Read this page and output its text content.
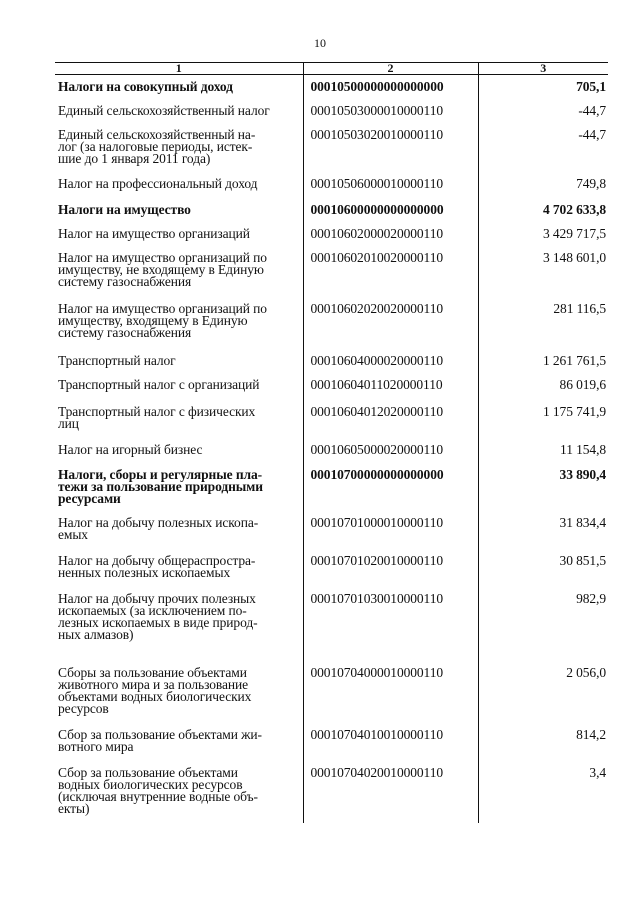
10
1	2	3
Налоги на совокупный доход	00010500000000000000	705,1
Единый сельскохозяйственный налог	00010503000010000110	-44,7
Единый сельскохозяйственный на-
лог (за налоговые периоды, истек-
шие до 1 января 2011 года)	00010503020010000110	-44,7
Налог на профессиональный доход	00010506000010000110	749,8
Налоги на имущество	00010600000000000000	4 702 633,8
Налог на имущество организаций	00010602000020000110	3 429 717,5
Налог на имущество организаций по
имуществу, не входящему в Единую
систему газоснабжения	00010602010020000110	3 148 601,0
Налог на имущество организаций по
имуществу, входящему в Единую
систему газоснабжения	00010602020020000110	281 116,5
Транспортный налог	00010604000020000110	1 261 761,5
Транспортный налог с организаций	00010604011020000110	86 019,6
Транспортный налог с физических
лиц	00010604012020000110	1 175 741,9
Налог на игорный бизнес	00010605000020000110	11 154,8
Налоги, сборы и регулярные пла-
тежи за пользование природными
ресурсами	00010700000000000000	33 890,4
Налог на добычу полезных ископа-
емых	00010701000010000110	31 834,4
Налог на добычу общераспростра-
ненных полезных ископаемых	00010701020010000110	30 851,5
Налог на добычу прочих полезных
ископаемых (за исключением по-
лезных ископаемых в виде природ-
ных алмазов)	00010701030010000110	982,9
Сборы за пользование объектами
животного мира и за пользование
объектами водных биологических
ресурсов	00010704000010000110	2 056,0
Сбор за пользование объектами жи-
вотного мира	00010704010010000110	814,2
Сбор за пользование объектами
водных биологических ресурсов
(исключая внутренние водные объ-
екты)	00010704020010000110	3,4
